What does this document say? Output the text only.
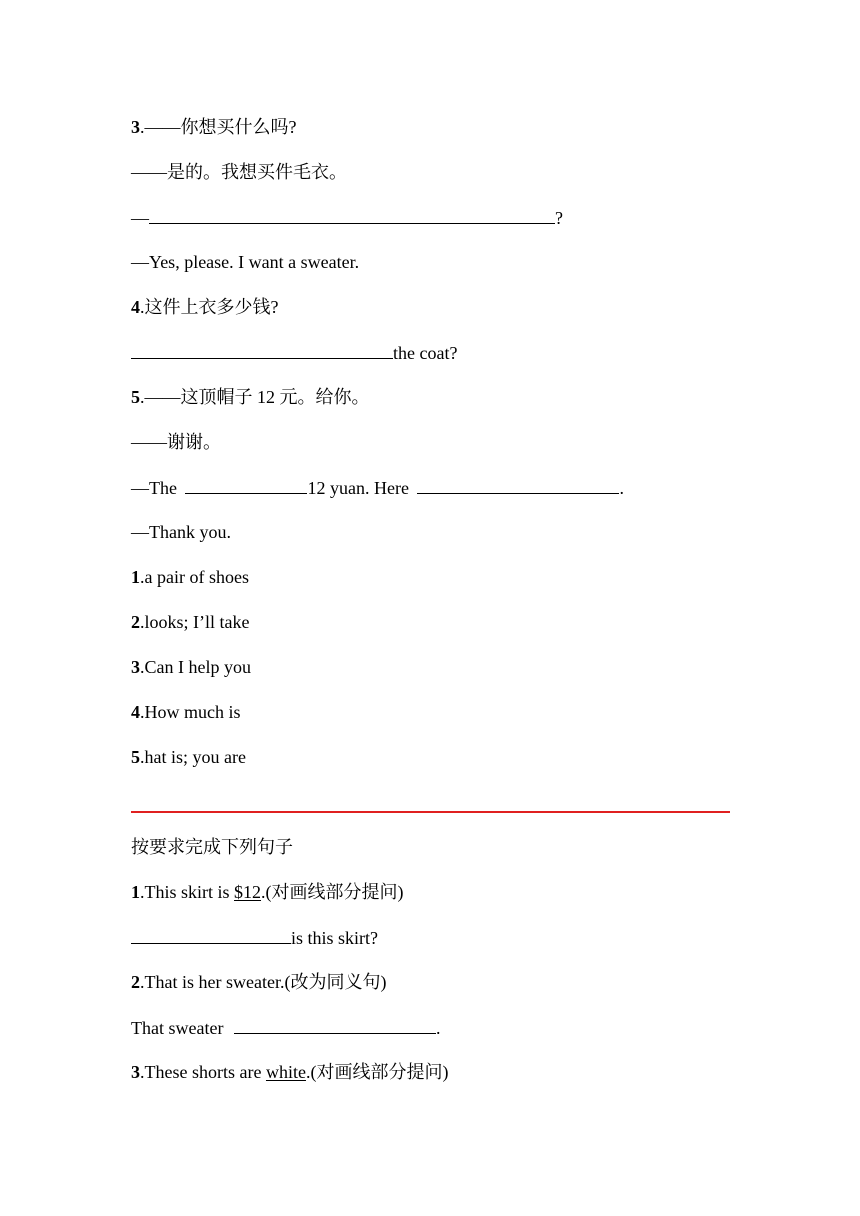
3.——你想买什么吗?
——是的。我想买件毛衣。
—	?
—Yes, please. I want a sweater.
4.这件上衣多少钱?
the coat?
5.——这顶帽子 12 元。给你。
——谢谢。
—The	12 yuan. Here	.
—Thank you.
1.a pair of shoes
2.looks; I’ll take
3.Can I help you
4.How much is
5.hat is; you are
按要求完成下列句子
1.This skirt is $12.(对画线部分提问)
is this skirt?
2.That is her sweater.(改为同义句)
That sweater	.
3.These shorts are white.(对画线部分提问)
